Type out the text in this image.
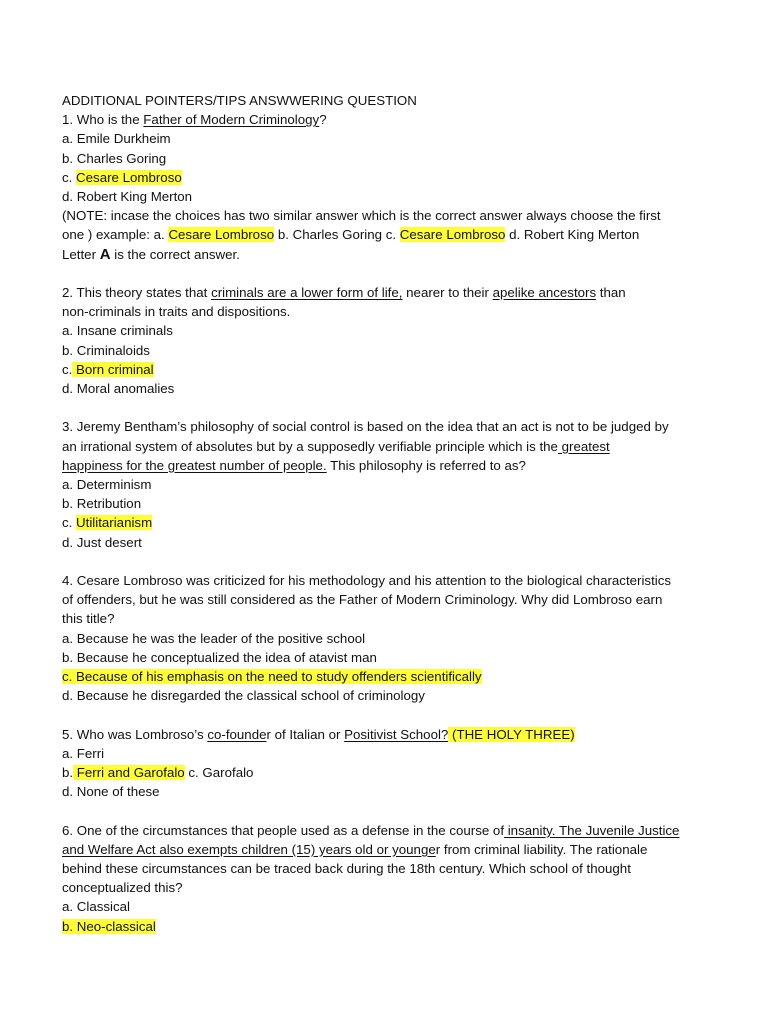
ADDITIONAL POINTERS/TIPS ANSWWERING QUESTION
1. Who is the Father of Modern Criminology?
a. Emile Durkheim
b. Charles Goring
c. Cesare Lombroso
d. Robert King Merton
(NOTE: incase the choices has two similar answer which is the correct answer always choose the first
one ) example: a. Cesare Lombroso b. Charles Goring c. Cesare Lombroso d. Robert King Merton
Letter A is the correct answer.
2. This theory states that criminals are a lower form of life, nearer to their apelike ancestors than
non-criminals in traits and dispositions.
a. Insane criminals
b. Criminaloids
c. Born criminal
d. Moral anomalies
3. Jeremy Bentham’s philosophy of social control is based on the idea that an act is not to be judged by
an irrational system of absolutes but by a supposedly verifiable principle which is the greatest
happiness for the greatest number of people. This philosophy is referred to as?
a. Determinism
b. Retribution
c. Utilitarianism
d. Just desert
4. Cesare Lombroso was criticized for his methodology and his attention to the biological characteristics
of offenders, but he was still considered as the Father of Modern Criminology. Why did Lombroso earn
this title?
a. Because he was the leader of the positive school
b. Because he conceptualized the idea of atavist man
c. Because of his emphasis on the need to study offenders scientifically
d. Because he disregarded the classical school of criminology
5. Who was Lombroso’s co-founder of Italian or Positivist School? (THE HOLY THREE)
a. Ferri
b. Ferri and Garofalo c. Garofalo
d. None of these
6. One of the circumstances that people used as a defense in the course of insanity. The Juvenile Justice
and Welfare Act also exempts children (15) years old or younger from criminal liability. The rationale
behind these circumstances can be traced back during the 18th century. Which school of thought
conceptualized this?
a. Classical
b. Neo-classical
